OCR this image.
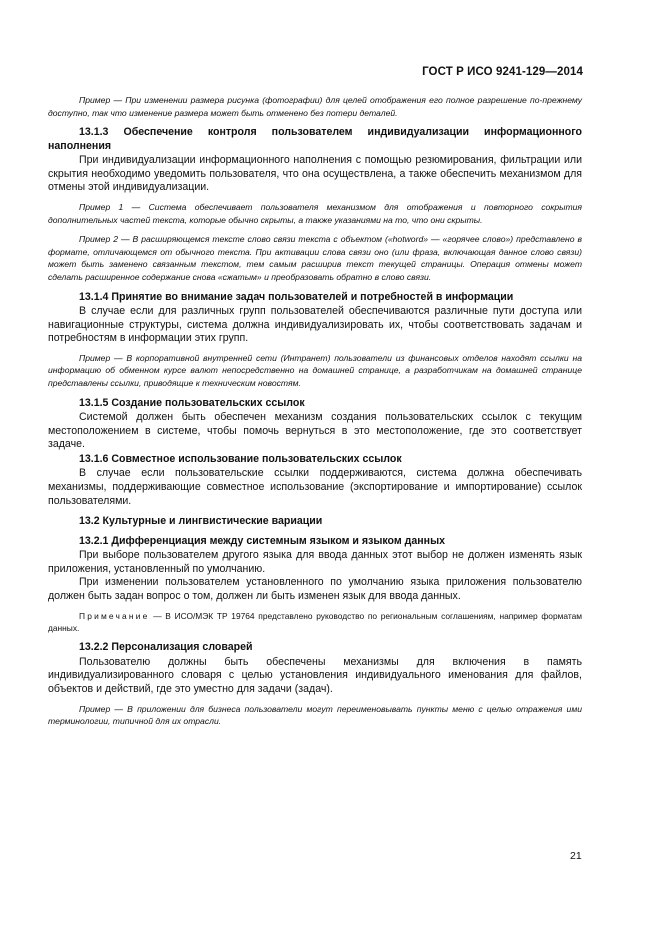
ГОСТ Р ИСО 9241-129—2014

Пример — При изменении размера рисунка (фотографии) для целей отображения его полное разрешение по-прежнему доступно, так что изменение размера может быть отменено без потери деталей.

13.1.3 Обеспечение контроля пользователем индивидуализации информационного наполнения

При индивидуализации информационного наполнения с помощью резюмирования, фильтрации или скрытия необходимо уведомить пользователя, что она осуществлена, а также обеспечить механизмом для отмены этой индивидуализации.

Пример 1 — Система обеспечивает пользователя механизмом для отображения и повторного сокрытия дополнительных частей текста, которые обычно скрыты, а также указаниями на то, что они скрыты.

Пример 2 — В расширяющемся тексте слово связи текста с объектом («hotword» — «горячее слово») представлено в формате, отличающемся от обычного текста. При активации слова связи оно (или фраза, включающая данное слово связи) может быть заменено связанным текстом, тем самым расширив текст текущей страницы. Операция отмены может сделать расширенное содержание снова «сжатым» и преобразовать обратно в слово связи.

13.1.4 Принятие во внимание задач пользователей и потребностей в информации

В случае если для различных групп пользователей обеспечиваются различные пути доступа или навигационные структуры, система должна индивидуализировать их, чтобы соответствовать задачам и потребностям в информации этих групп.

Пример — В корпоративной внутренней сети (Интранет) пользователи из финансовых отделов находят ссылки на информацию об обменном курсе валют непосредственно на домашней странице, а разработчикам на домашней странице представлены ссылки, приводящие к техническим новостям.

13.1.5 Создание пользовательских ссылок

Системой должен быть обеспечен механизм создания пользовательских ссылок с текущим местоположением в системе, чтобы помочь вернуться в это местоположение, где это соответствует задаче.

13.1.6 Совместное использование пользовательских ссылок

В случае если пользовательские ссылки поддерживаются, система должна обеспечивать механизмы, поддерживающие совместное использование (экспортирование и импортирование) ссылок пользователями.

13.2 Культурные и лингвистические вариации
13.2.1 Дифференциация между системным языком и языком данных

При выборе пользователем другого языка для ввода данных этот выбор не должен изменять язык приложения, установленный по умолчанию.

При изменении пользователем установленного по умолчанию языка приложения пользователю должен быть задан вопрос о том, должен ли быть изменен язык для ввода данных.

Примечание — В ИСО/МЭК ТР 19764 представлено руководство по региональным соглашениям, например форматам данных.

13.2.2 Персонализация словарей

Пользователю должны быть обеспечены механизмы для включения в память индивидуализированного словаря с целью установления индивидуального именования для файлов, объектов и действий, где это уместно для задачи (задач).

Пример — В приложении для бизнеса пользователи могут переименовывать пункты меню с целью отражения ими терминологии, типичной для их отрасли.

21
